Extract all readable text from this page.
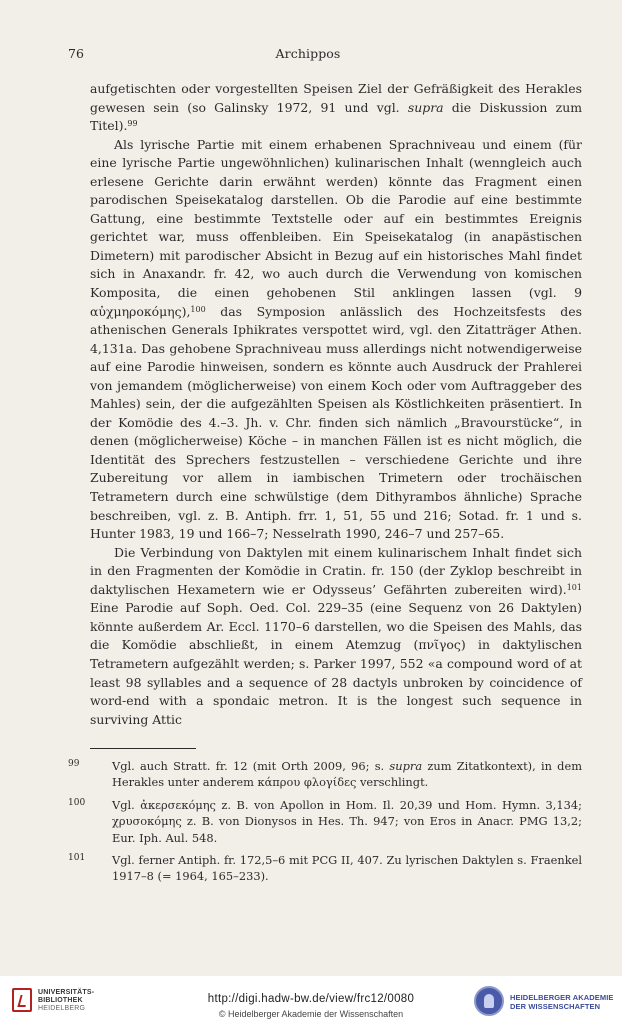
76	Archippos

aufgetischten oder vorgestellten Speisen Ziel der Gefräßigkeit des Herakles gewesen sein (so Galinsky 1972, 91 und vgl. supra die Diskussion zum Titel).$^{99}$

Als lyrische Partie mit einem erhabenen Sprachniveau und einem (für eine lyrische Partie ungewöhnlichen) kulinarischen Inhalt (wenngleich auch erlesene Gerichte darin erwähnt werden) könnte das Fragment einen parodischen Speisekatalog darstellen. Ob die Parodie auf eine bestimmte Gattung, eine bestimmte Textstelle oder auf ein bestimmtes Ereignis gerichtet war, muss offenbleiben. Ein Speisekatalog (in anapästischen Dimetern) mit parodischer Absicht in Bezug auf ein historisches Mahl findet sich in Anaxandr. fr. 42, wo auch durch die Verwendung von komischen Komposita, die einen gehobenen Stil anklingen lassen (vgl. 9 αὐχμηροκόμης),$^{100}$ das Symposion anlässlich des Hochzeitsfests des athenischen Generals Iphikrates verspottet wird, vgl. den Zitatträger Athen. 4,131a. Das gehobene Sprachniveau muss allerdings nicht notwendigerweise auf eine Parodie hinweisen, sondern es könnte auch Ausdruck der Prahlerei von jemandem (möglicherweise) von einem Koch oder vom Auftraggeber des Mahles) sein, der die aufgezählten Speisen als Köstlichkeiten präsentiert. In der Komödie des 4.–3. Jh. v. Chr. finden sich nämlich „Bravourstücke“, in denen (möglicherweise) Köche – in manchen Fällen ist es nicht möglich, die Identität des Sprechers festzustellen – verschiedene Gerichte und ihre Zubereitung vor allem in iambischen Trimetern oder trochäischen Tetrametern durch eine schwülstige (dem Dithyrambos ähnliche) Sprache beschreiben, vgl. z. B. Antiph. frr. 1, 51, 55 und 216; Sotad. fr. 1 und s. Hunter 1983, 19 und 166–7; Nesselrath 1990, 246–7 und 257–65.

Die Verbindung von Daktylen mit einem kulinarischem Inhalt findet sich in den Fragmenten der Komödie in Cratin. fr. 150 (der Zyklop beschreibt in daktylischen Hexametern wie er Odysseus’ Gefährten zubereiten wird).$^{101}$ Eine Parodie auf Soph. Oed. Col. 229–35 (eine Sequenz von 26 Daktylen) könnte außerdem Ar. Eccl. 1170–6 darstellen, wo die Speisen des Mahls, das die Komödie abschließt, in einem Atemzug (πνῖγος) in daktylischen Tetrametern aufgezählt werden; s. Parker 1997, 552 «a compound word of at least 98 syllables and a sequence of 28 dactyls unbroken by coincidence of word-end with a spondaic metron. It is the longest such sequence in surviving Attic

99	Vgl. auch Stratt. fr. 12 (mit Orth 2009, 96; s. supra zum Zitatkontext), in dem Herakles unter anderem κάπρου φλογίδες verschlingt.
100 Vgl. ἀκερσεκόμης z. B. von Apollon in Hom. Il. 20,39 und Hom. Hymn. 3,134; χρυσοκόμης z. B. von Dionysos in Hes. Th. 947; von Eros in Anacr. PMG 13,2; Eur. Iph. Aul. 548.
101 Vgl. ferner Antiph. fr. 172,5–6 mit PCG II, 407. Zu lyrischen Daktylen s. Fraenkel 1917–8 (= 1964, 165–233).
UNIVERSITÄTS-
BIBLIOTHEK
HEIDELBERG
http://digi.hadw-bw.de/view/frc12/0080
© Heidelberger Akademie der Wissenschaften
HEIDELBERGER AKADEMIE
DER WISSENSCHAFTEN
